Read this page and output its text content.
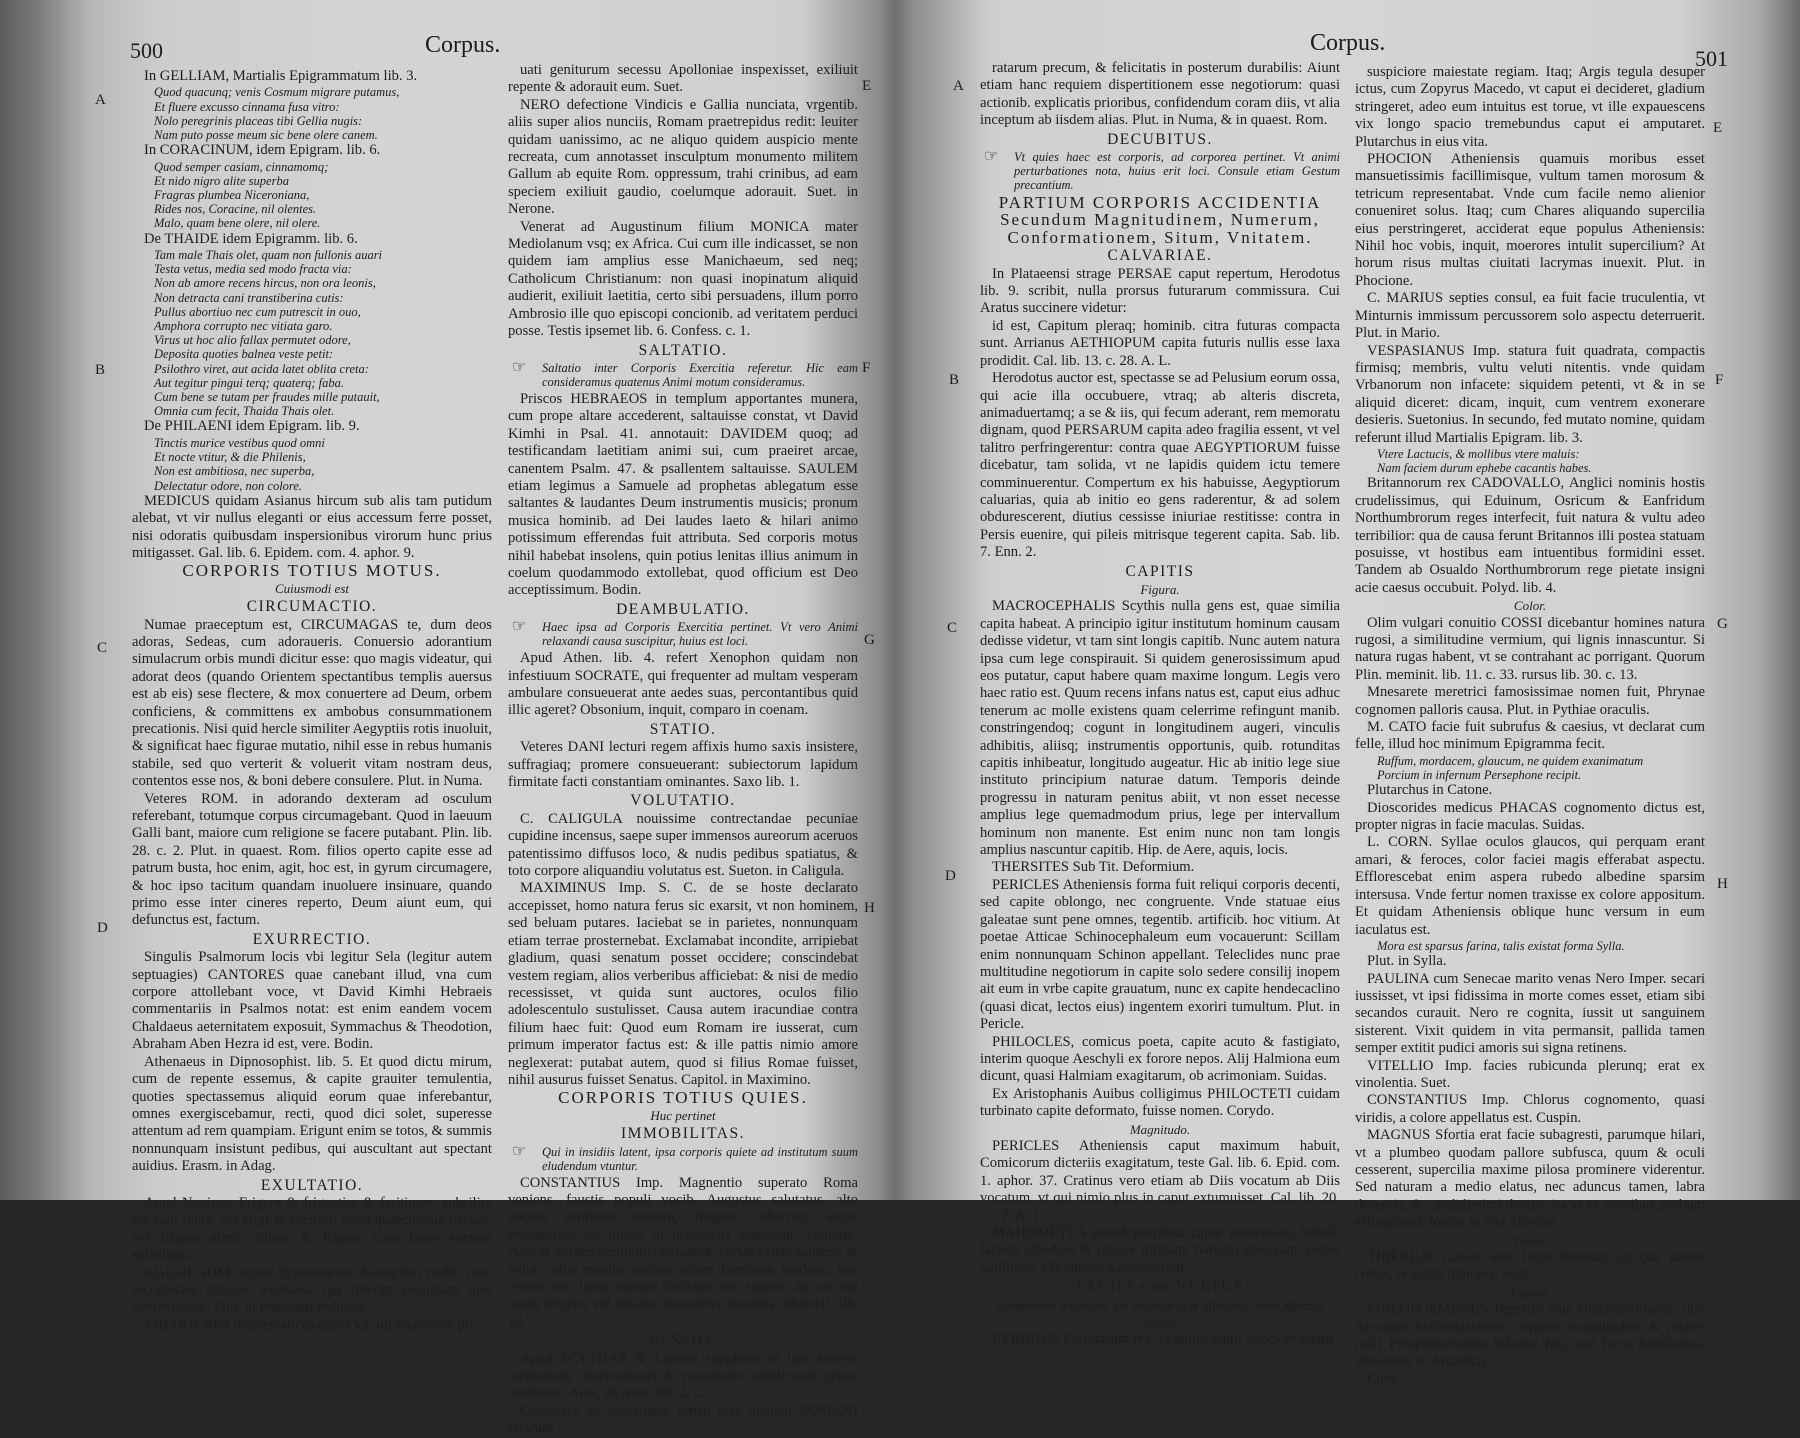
500	Corpus.
A
B
C
D
E
F
G
H

In GELLIAM, Martialis Epigrammatum lib. 3.

Quod quacunq; venis Cosmum migrare putamus,

Et fluere excusso cinnama fusa vitro:

Nolo peregrinis placeas tibi Gellia nugis:

Nam puto posse meum sic bene olere canem.

In CORACINUM, idem Epigram. lib. 6.

Quod semper casiam, cinnamomq;

Et nido nigro alite superba

Fragras plumbea Niceroniana,

Rides nos, Coracine, nil olentes.

Malo, quam bene olere, nil olere.

De THAIDE idem Epigramm. lib. 6.

Tam male Thais olet, quam non fullonis auari

Testa vetus, media sed modo fracta via:

Non ab amore recens hircus, non ora leonis,

Non detracta cani transtiberina cutis:

Pullus abortiuo nec cum putrescit in ouo,

Amphora corrupto nec vitiata garo.

Virus ut hoc alio fallax permutet odore,

Deposita quoties balnea veste petit:

Psilothro viret, aut acida latet oblita creta:

Aut tegitur pingui terq; quaterq; faba.

Cum bene se tutam per fraudes mille putauit,

Omnia cum fecit, Thaida Thais olet.

De PHILAENI idem Epigram. lib. 9.

Tinctis murice vestibus quod omni

Et nocte vtitur, & die Philenis,

Non est ambitiosa, nec superba,

Delectatur odore, non colore.

MEDICUS quidam Asianus hircum sub alis tam putidum alebat, vt vir nullus eleganti or eius accessum ferre posset, nisi odoratis quibusdam inspersionibus virorum hunc prius mitigasset. Gal. lib. 6. Epidem. com. 4. aphor. 9.

CORPORIS TOTIUS MOTUS.

Cuiusmodi est

CIRCUMACTIO.

Numae praeceptum est, CIRCUMAGAS te, dum deos adoras, Sedeas, cum adoraueris. Conuersio adorantium simulacrum orbis mundi dicitur esse: quo magis videatur, qui adorat deos (quando Orientem spectantibus templis auersus est ab eis) sese flectere, & mox conuertere ad Deum, orbem conficiens, & committens ex ambobus consummationem precationis. Nisi quid hercle similiter Aegyptiis rotis inuoluit, & significat haec figurae mutatio, nihil esse in rebus humanis stabile, sed quo verterit & voluerit vitam nostram deus, contentos esse nos, & boni debere consulere. Plut. in Numa.

Veteres ROM. in adorando dexteram ad osculum referebant, totumque corpus circumagebant. Quod in laeuum Galli bant, maiore cum religione se facere putabant. Plin. lib. 28. c. 2. Plut. in quaest. Rom. filios operto capite esse ad patrum busta, hoc enim, agit, hoc est, in gyrum circumagere, & hoc ipso tacitum quandam inuoluere insinuare, quando primo esse inter cineres reperto, Deum aiunt eum, qui defunctus est, factum.

EXURRECTIO.

Singulis Psalmorum locis vbi legitur Sela (legitur autem septuagies) CANTORES quae canebant illud, vna cum corpore attollebant voce, vt David Kimhi Hebraeis commentariis in Psalmos notat: est enim eandem vocem Chaldaeus aeternitatem exposuit, Symmachus & Theodotion, Abraham Aben Hezra id est, vere. Bodin.

Athenaeus in Dipnosophist. lib. 5. Et quod dictu mirum, cum de repente essemus, & capite grauiter temulentia, quoties spectassemus aliquid eorum quae inferebantur, omnes exergiscebamur, recti, quod dici solet, superesse attentum ad rem quampiam. Erigunt enim se totos, & summis nonnunquam insistunt pedibus, qui auscultant aut spectant auidius. Erasm. in Adag.

EXULTATIO.

Apud Nonium, Frigere & frigeptire & feritinare, subsilire est cum fonte, vel erigi & excitari: quod quaecunque frigunt, vel frigent nimio calore & frigore cum fonte sursum subsiliunt.

AGESILAUM regem Spartanorum Xenophon tradit, cum locupletare amicos, exultasse qui interim pecuniam ipse contemnebat. Plut. in praecepti Politicis.

THEOGENES mathematicus cum Oct- uij etiamnum pri-

uati geniturum secessu Apolloniae inspexisset, exiliuit repente & adorauit eum. Suet.

NERO defectione Vindicis e Gallia nunciata, vrgentib. aliis super alios nunciis, Romam praetrepidus redit: leuiter quidam uanissimo, ac ne aliquo quidem auspicio mente recreata, cum annotasset insculptum monumento militem Gallum ab equite Rom. oppressum, trahi crinibus, ad eam speciem exiliuit gaudio, coelumque adorauit. Suet. in Nerone.

Venerat ad Augustinum filium MONICA mater Mediolanum vsq; ex Africa. Cui cum ille indicasset, se non quidem iam amplius esse Manichaeum, sed neq; Catholicum Christianum: non quasi inopinatum aliquid audierit, exiliuit laetitia, certo sibi persuadens, illum porro Ambrosio ille quo episcopi concionib. ad veritatem perduci posse. Testis ipsemet lib. 6. Confess. c. 1.

SALTATIO.

☞ Saltatio inter Corporis Exercitia referetur. Hic eam consideramus quatenus Animi motum consideramus.

Priscos HEBRAEOS in templum apportantes munera, cum prope altare accederent, saltauisse constat, vt David Kimhi in Psal. 41. annotauit: DAVIDEM quoq; ad testificandam laetitiam animi sui, cum praeiret arcae, canentem Psalm. 47. & psallentem saltauisse. SAULEM etiam legimus a Samuele ad prophetas ablegatum esse saltantes & laudantes Deum instrumentis musicis; pronum musica hominib. ad Dei laudes laeto & hilari animo potissimum efferendas fuit attributa. Sed corporis motus nihil habebat insolens, quin potius lenitas illius animum in coelum quodammodo extollebat, quod officium est Deo acceptissimum. Bodin.

DEAMBULATIO.

☞ Haec ipsa ad Corporis Exercitia pertinet. Vt vero Animi relaxandi causa suscipitur, huius est loci.

Apud Athen. lib. 4. refert Xenophon quidam non infestiuum SOCRATE, qui frequenter ad multam vesperam ambulare consueuerat ante aedes suas, percontantibus quid illic ageret? Obsonium, inquit, comparo in coenam.

STATIO.

Veteres DANI lecturi regem affixis humo saxis insistere, suffragiaq; promere consueuerant: subiectorum lapidum firmitate facti constantiam ominantes. Saxo lib. 1.

VOLUTATIO.

C. CALIGULA nouissime contrectandae pecuniae cupidine incensus, saepe super immensos aureorum aceruos patentissimo diffusos loco, & nudis pedibus spatiatus, & toto corpore aliquandiu volutatus est. Sueton. in Caligula.

MAXIMINUS Imp. S. C. de se hoste declarato accepisset, homo natura ferus sic exarsit, vt non hominem, sed beluam putares. Iaciebat se in parietes, nonnunquam etiam terrae prosternebat. Exclamabat incondite, arripiebat gladium, quasi senatum posset occidere; conscindebat vestem regiam, alios verberibus afficiebat: & nisi de medio recessisset, vt quida sunt auctores, oculos filio adolescentulo sustulisset. Causa autem iracundiae contra filium haec fuit: Quod eum Romam ire iusserat, cum primum imperator factus est: & ille pattis nimio amore neglexerat: putabat autem, quod si filius Romae fuisset, nihil ausurus fuisset Senatus. Capitol. in Maximino.

CORPORIS TOTIUS QUIES.

Huc pertinet

IMMOBILITAS.

☞ Qui in insidiis latent, ipsa corporis quiete ad institutum suum eludendum vtuntur.

CONSTANTIUS Imp. Magnentio superato Roma veniens, faustis populi vocib. Augustus salutatus, alto vocum similium tuorum; fragore cohorruit, atque immobilem se, qualis in prouinciis videbatur, exhibuit. Nam & corpus perhumile curuabat, portas cellas subiens, & velut collo munito rectam aciem luminum tendens, nec dextra, nec laeua vultum flectebat, nec spuens, aut os, aut nares tergens vel fricans, manumve mouens. Marcell. lib. 16.

SESSIO.

Apud SCYTHAS & Latinos supplices in lare sedere, taciturnum obseruationis & maximum supplicandi genus notabatur. Alex. ab Alex. lib. 2. c. 9.

Considere ab adoratione, omen esse dicitant ROMANI ratarum

Corpus.
501
A
B
C
D
E
F
G
H

ratarum precum, & felicitatis in posterum durabilis: Aiunt etiam hanc requiem dispertitionem esse negotiorum: quasi actionib. explicatis prioribus, confidendum coram diis, vt alia inceptum ab iisdem alias. Plut. in Numa, & in quaest. Rom.

DECUBITUS.

☞ Vt quies haec est corporis, ad corporea pertinet. Vt animi perturbationes nota, huius erit loci. Consule etiam Gestum precantium.

PARTIUM CORPORIS ACCIDENTIA Secundum Magnitudinem, Numerum, Conformationem, Situm, Vnitatem.

CALVARIAE.

In Plataeensi strage PERSAE caput repertum, Herodotus lib. 9. scribit, nulla prorsus futurarum commissura. Cui Aratus succinere videtur:

id est, Capitum pleraq; hominib. citra futuras compacta sunt. Arrianus AETHIOPUM capita futuris nullis esse laxa prodidit. Cal. lib. 13. c. 28. A. L.

Herodotus auctor est, spectasse se ad Pelusium eorum ossa, qui acie illa occubuere, vtraq; ab alteris discreta, animaduertamq; a se & iis, qui fecum aderant, rem memoratu dignam, quod PERSARUM capita adeo fragilia essent, vt vel talitro perfringerentur: contra quae AEGYPTIORUM fuisse dicebatur, tam solida, vt ne lapidis quidem ictu temere comminuerentur. Compertum ex his habuisse, Aegyptiorum caluarias, quia ab initio eo gens raderentur, & ad solem obdurescerent, diutius cessisse iniuriae restitisse: contra in Persis euenire, qui pileis mitrisque tegerent capita. Sab. lib. 7. Enn. 2.

CAPITIS

Figura.

MACROCEPHALIS Scythis nulla gens est, quae similia capita habeat. A principio igitur institutum hominum causam dedisse videtur, vt tam sint longis capitib. Nunc autem natura ipsa cum lege conspirauit. Si quidem generosissimum apud eos putatur, caput habere quam maxime longum. Legis vero haec ratio est. Quum recens infans natus est, caput eius adhuc tenerum ac molle existens quam celerrime refingunt manib. constringendoq; cogunt in longitudinem augeri, vinculis adhibitis, aliisq; instrumentis opportunis, quib. rotunditas capitis inhibeatur, longitudo augeatur. Hic ab initio lege siue instituto principium naturae datum. Temporis deinde progressu in naturam penitus abiit, vt non esset necesse amplius lege quemadmodum prius, lege per intervallum hominum non manente. Est enim nunc non tam longis amplius nascuntur capitib. Hip. de Aere, aquis, locis.

THERSITES Sub Tit. Deformium.

PERICLES Atheniensis forma fuit reliqui corporis decenti, sed capite oblongo, nec congruente. Vnde statuae eius galeatae sunt pene omnes, tegentib. artificib. hoc vitium. At poetae Atticae Schinocephaleum eum vocauerunt: Scillam enim nonnunquam Schinon appellant. Teleclides nunc prae multitudine negotiorum in capite solo sedere consilij inopem ait eum in vrbe capite grauatum, nunc ex capite hendecaclino (quasi dicat, lectos eius) ingentem exoriri tumultum. Plut. in Pericle.

PHILOCLES, comicus poeta, capite acuto & fastigiato, interim quoque Aeschyli ex forore nepos. Alij Halmiona eum dicunt, quasi Halmiam exagitarum, ob acrimoniam. Suidas.

Ex Aristophanis Auibus colligimus PHILOCTETI cuidam turbinato capite deformato, fuisse nomen. Corydo.

Magnitudo.

PERICLES Atheniensis caput maximum habuit, Comicorum dicteriis exagitatum, teste Gal. lib. 6. Epid. com. 1. aphor. 37. Cratinus vero etiam ab Diis vocatum ab Diis vocatum, vt qui nimio plus in caput extumuisset. Cal. lib. 20. c. 12. A. L.

MAHOMETUS pseudopropheta caput immensum habuit, faciem albedine & rubore mixtam, barbam prolixam, pedes agillimos. Chronicon Saracenorum.

FACIEI siue VULTUS

Compositio naturalis. De voluntaria & affectata, inter Affectus agitur.

PYRRHUS Epirotarum rex, praetulit vultu atrociore quam

suspiciore maiestate regiam. Itaq; Argis tegula desuper ictus, cum Zopyrus Macedo, vt caput ei decideret, gladium stringeret, adeo eum intuitus est torue, vt ille expauescens vix longo spacio tremebundus caput ei amputaret. Plutarchus in eius vita.

PHOCION Atheniensis quamuis moribus esset mansuetissimis facillimisque, vultum tamen morosum & tetricum representabat. Vnde cum facile nemo alienior conueniret solus. Itaq; cum Chares aliquando supercilia eius perstringeret, acciderat eque populus Atheniensis: Nihil hoc vobis, inquit, moerores intulit supercilium? At horum risus multas ciuitati lacrymas inuexit. Plut. in Phocione.

C. MARIUS septies consul, ea fuit facie truculentia, vt Minturnis immissum percussorem solo aspectu deterruerit. Plut. in Mario.

VESPASIANUS Imp. statura fuit quadrata, compactis firmisq; membris, vultu veluti nitentis. vnde quidam Vrbanorum non infacete: siquidem petenti, vt & in se aliquid diceret: dicam, inquit, cum ventrem exonerare desieris. Suetonius. In secundo, fed mutato nomine, quidam referunt illud Martialis Epigram. lib. 3.

Vtere Lactucis, & mollibus vtere maluis:

Nam faciem durum ephebe cacantis habes.

Britannorum rex CADOVALLO, Anglici nominis hostis crudelissimus, qui Eduinum, Osricum & Eanfridum Northumbrorum reges interfecit, fuit natura & vultu adeo terribilior: qua de causa ferunt Britannos illi postea statuam posuisse, vt hostibus eam intuentibus formidini esset. Tandem ab Osualdo Northumbrorum rege pietate insigni acie caesus occubuit. Polyd. lib. 4.

Color.

Olim vulgari conuitio COSSI dicebantur homines natura rugosi, a similitudine vermium, qui lignis innascuntur. Si natura rugas habent, vt se contrahant ac porrigant. Quorum Plin. meminit. lib. 11. c. 33. rursus lib. 30. c. 13.

Mnesarete meretrici famosissimae nomen fuit, Phrynae cognomen palloris causa. Plut. in Pythiae oraculis.

M. CATO facie fuit subrufus & caesius, vt declarat cum felle, illud hoc minimum Epigramma fecit.

Ruffum, mordacem, glaucum, ne quidem exanimatum

Porcium in infernum Persephone recipit.

Plutarchus in Catone.

Dioscorides medicus PHACAS cognomento dictus est, propter nigras in facie maculas. Suidas.

L. CORN. Syllae oculos glaucos, qui perquam erant amari, & feroces, color faciei magis efferabat aspectu. Efflorescebat enim aspera rubedo albedine sparsim intersusa. Vnde fertur nomen traxisse ex colore appositum. Et quidam Atheniensis oblique hunc versum in eum iaculatus est.

Mora est sparsus farina, talis existat forma Sylla.

Plut. in Sylla.

PAULINA cum Senecae marito venas Nero Imper. secari iussisset, vt ipsi fidissima in morte comes esset, etiam sibi secandos curauit. Nero re cognita, iussit ut sanguinem sisterent. Vixit quidem in vita permansit, pallida tamen semper extitit pudici amoris sui signa retinens.

VITELLIO Imp. facies rubicunda plerunq; erat ex vinolentia. Suet.

CONSTANTIUS Imp. Chlorus cognomento, quasi viridis, a colore appellatus est. Cuspin.

MAGNUS Sfortia erat facie subagresti, parumque hilari, vt a plumbeo quodam pallore subfusca, quum & oculi cesserent, supercilia maxime pilosa prominere viderentur. Sed naturam a medio elatus, nec aduncus tamen, labra decentia, & candidissimi dentes, ita vt ex omnibus probum effingebant. Iouius in vita Sfortiae.

Tumor.

TIBERIUS Caesar erat facie honesta: in qua tamen crebri, & subiti tumores. Suet.

Figura.

PHILOPOEMENES Tegeates siue Hegalopolitanus, dux Arcadum bellicosissimus, corporis magnitudine & robore nulli Peloponnensium inferior fuit, sed facie foedissima. Pausanias in Arcadicis.

Cum
